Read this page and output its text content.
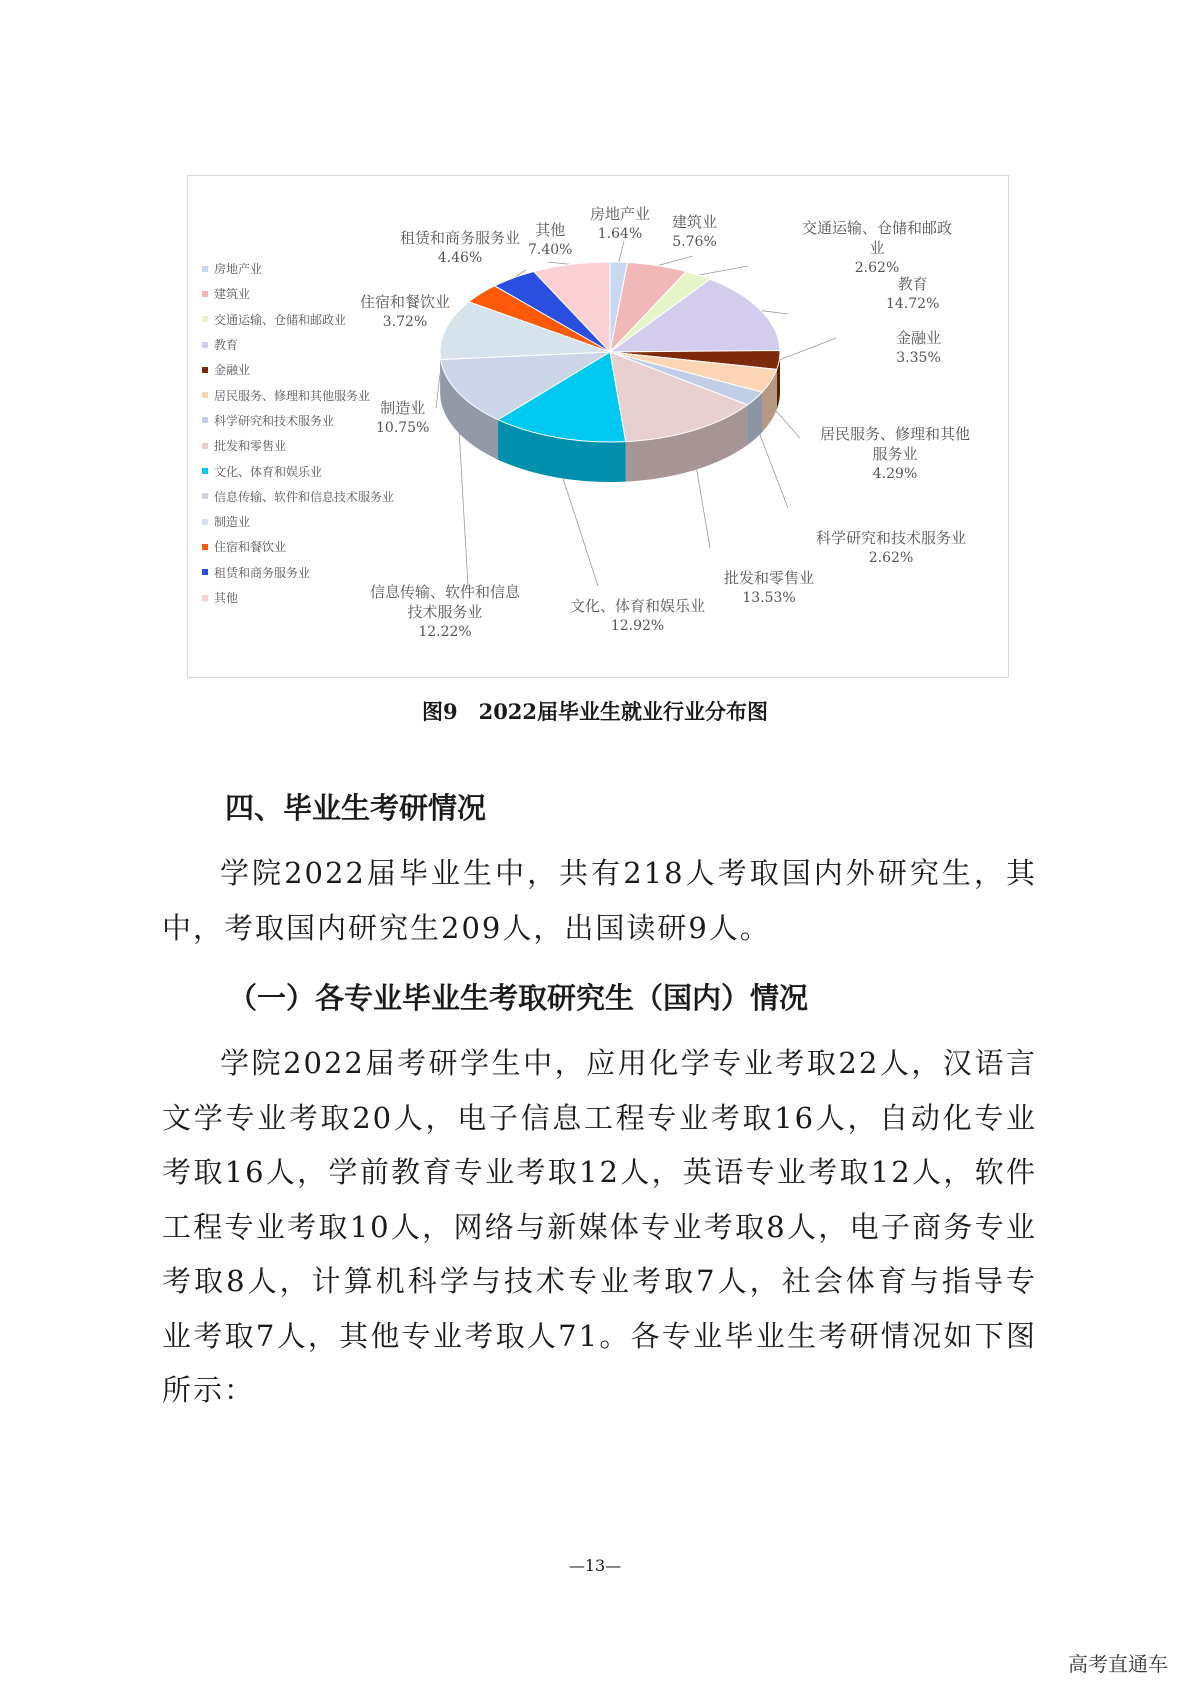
房地产业
建筑业
交通运输、仓储和邮政业
教育
金融业
居民服务、修理和其他服务业
科学研究和技术服务业
批发和零售业
文化、体育和娱乐业
信息传输、软件和信息技术服务业
制造业
住宿和餐饮业
租赁和商务服务业
其他
房地产业
1.64%
建筑业
5.76%
交通运输、仓储和邮政
业
2.62%
教育
14.72%
金融业
3.35%
居民服务、修理和其他
服务业
4.29%
科学研究和技术服务业
2.62%
批发和零售业
13.53%
文化、体育和娱乐业
12.92%
信息传输、软件和信息
技术服务业
12.22%
制造业
10.75%
住宿和餐饮业
3.72%
租赁和商务服务业
4.46%
其他
7.40%
图9　2022届毕业生就业行业分布图
四、毕业生考研情况

学院2022届毕业生中，共有218人考取国内外研究生，其中，考取国内研究生209人，出国读研9人。

（一）各专业毕业生考取研究生（国内）情况

学院2022届考研学生中，应用化学专业考取22人，汉语言文学专业考取20人，电子信息工程专业考取16人，自动化专业考取16人，学前教育专业考取12人，英语专业考取12人，软件工程专业考取10人，网络与新媒体专业考取8人，电子商务专业考取8人，计算机科学与技术专业考取7人，社会体育与指导专业考取7人，其他专业考取人71。各专业毕业生考研情况如下图所示：

—13—
高考直通车
